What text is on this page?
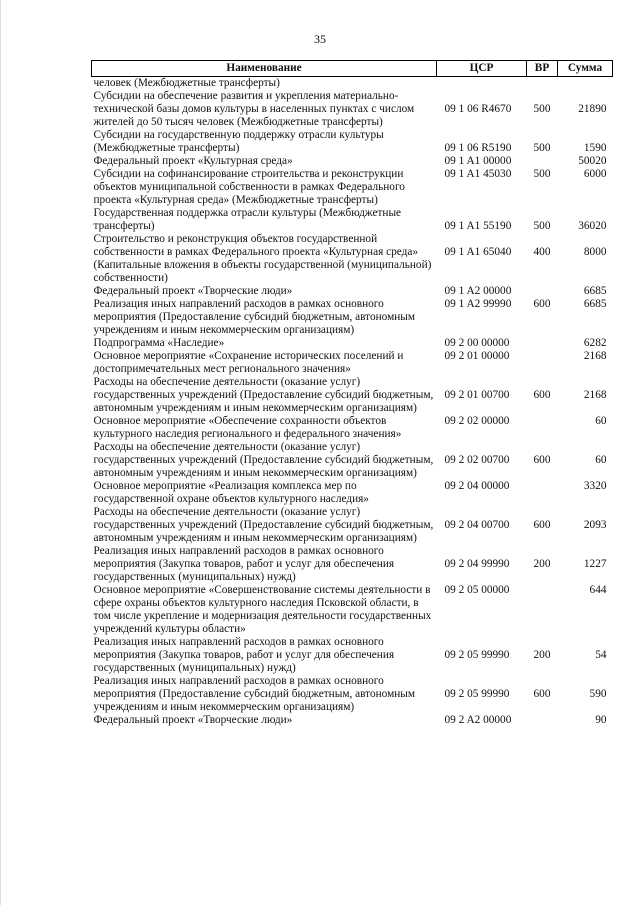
35
Наименование	ЦСР	ВР	Сумма
человек (Межбюджетные трансферты)			
Субсидии на обеспечение развития и укрепления материально-технической базы домов культуры в населенных пунктах с числом жителей до 50 тысяч человек (Межбюджетные трансферты)	09 1 06 R4670	500	21890
Субсидии на государственную поддержку отрасли культуры (Межбюджетные трансферты)	09 1 06 R5190	500	1590
Федеральный проект «Культурная среда»	09 1 A1 00000		50020
Субсидии на софинансирование строительства и реконструкции объектов муниципальной собственности в рамках Федерального проекта «Культурная среда» (Межбюджетные трансферты)	09 1 A1 45030	500	6000
Государственная поддержка отрасли культуры (Межбюджетные трансферты)	09 1 A1 55190	500	36020
Строительство и реконструкция объектов государственной собственности в рамках Федерального проекта «Культурная среда» (Капитальные вложения в объекты государственной (муниципальной) собственности)	09 1 A1 65040	400	8000
Федеральный проект «Творческие люди»	09 1 A2 00000		6685
Реализация иных направлений расходов в рамках основного мероприятия (Предоставление субсидий бюджетным, автономным учреждениям и иным некоммерческим организациям)	09 1 A2 99990	600	6685
Подпрограмма «Наследие»	09 2 00 00000		6282
Основное мероприятие «Сохранение исторических поселений и достопримечательных мест регионального значения»	09 2 01 00000		2168
Расходы на обеспечение деятельности (оказание услуг) государственных учреждений (Предоставление субсидий бюджетным, автономным учреждениям и иным некоммерческим организациям)	09 2 01 00700	600	2168
Основное мероприятие «Обеспечение сохранности объектов культурного наследия регионального и федерального значения»	09 2 02 00000		60
Расходы на обеспечение деятельности (оказание услуг) государственных учреждений (Предоставление субсидий бюджетным, автономным учреждениям и иным некоммерческим организациям)	09 2 02 00700	600	60
Основное мероприятие «Реализация комплекса мер по государственной охране объектов культурного наследия»	09 2 04 00000		3320
Расходы на обеспечение деятельности (оказание услуг) государственных учреждений (Предоставление субсидий бюджетным, автономным учреждениям и иным некоммерческим организациям)	09 2 04 00700	600	2093
Реализация иных направлений расходов в рамках основного мероприятия (Закупка товаров, работ и услуг для обеспечения государственных (муниципальных) нужд)	09 2 04 99990	200	1227
Основное мероприятие «Совершенствование системы деятельности в сфере охраны объектов культурного наследия Псковской области, в том числе укрепление и модернизация деятельности государственных учреждений культуры области»	09 2 05 00000		644
Реализация иных направлений расходов в рамках основного мероприятия (Закупка товаров, работ и услуг для обеспечения государственных (муниципальных) нужд)	09 2 05 99990	200	54
Реализация иных направлений расходов в рамках основного мероприятия (Предоставление субсидий бюджетным, автономным учреждениям и иным некоммерческим организациям)	09 2 05 99990	600	590
Федеральный проект «Творческие люди»	09 2 A2 00000		90
